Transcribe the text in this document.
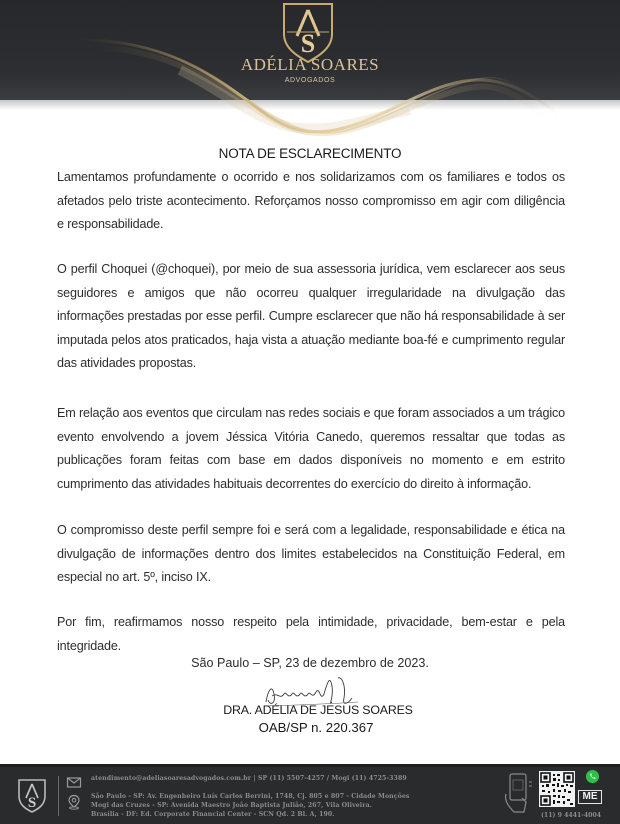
S
ADÉLIA SOARES
ADVOGADOS
NOTA DE ESCLARECIMENTO

Lamentamos profundamente o ocorrido e nos solidarizamos com os familiares e todos os afetados pelo triste acontecimento. Reforçamos nosso compromisso em agir com diligência e responsabilidade.

O perfil Choquei (@choquei), por meio de sua assessoria jurídica, vem esclarecer aos seus seguidores e amigos que não ocorreu qualquer irregularidade na divulgação das informações prestadas por esse perfil. Cumpre esclarecer que não há responsabilidade à ser imputada pelos atos praticados, haja vista a atuação mediante boa-fé e cumprimento regular das atividades propostas.

Em relação aos eventos que circulam nas redes sociais e que foram associados a um trágico evento envolvendo a jovem Jéssica Vitória Canedo, queremos ressaltar que todas as publicações foram feitas com base em dados disponíveis no momento e em estrito cumprimento das atividades habituais decorrentes do exercício do direito à informação.

O compromisso deste perfil sempre foi e será com a legalidade, responsabilidade e ética na divulgação de informações dentro dos limites estabelecidos na Constituição Federal, em especial no art. 5º, inciso IX.

Por fim, reafirmamos nosso respeito pela intimidade, privacidade, bem-estar e pela integridade.

São Paulo – SP, 23 de dezembro de 2023.
DRA. ADÉLIA DE JESUS SOARES
OAB/SP n. 220.367
S
atendimento@adeliasoaresadvogados.com.br | SP (11) 5507-4257 / Mogi (11) 4725-3389
São Paulo - SP: Av. Engenheiro Luís Carlos Berrini, 1748, Cj. 805 e 807 - Cidade Monções
Mogi das Cruzes - SP: Avenida Maestro João Baptista Julião, 267, Vila Oliveira.
Brasília - DF: Ed. Corporate Financial Center - SCN Qd. 2 Bl. A, 190.
ME
(11) 9 4441-4004
